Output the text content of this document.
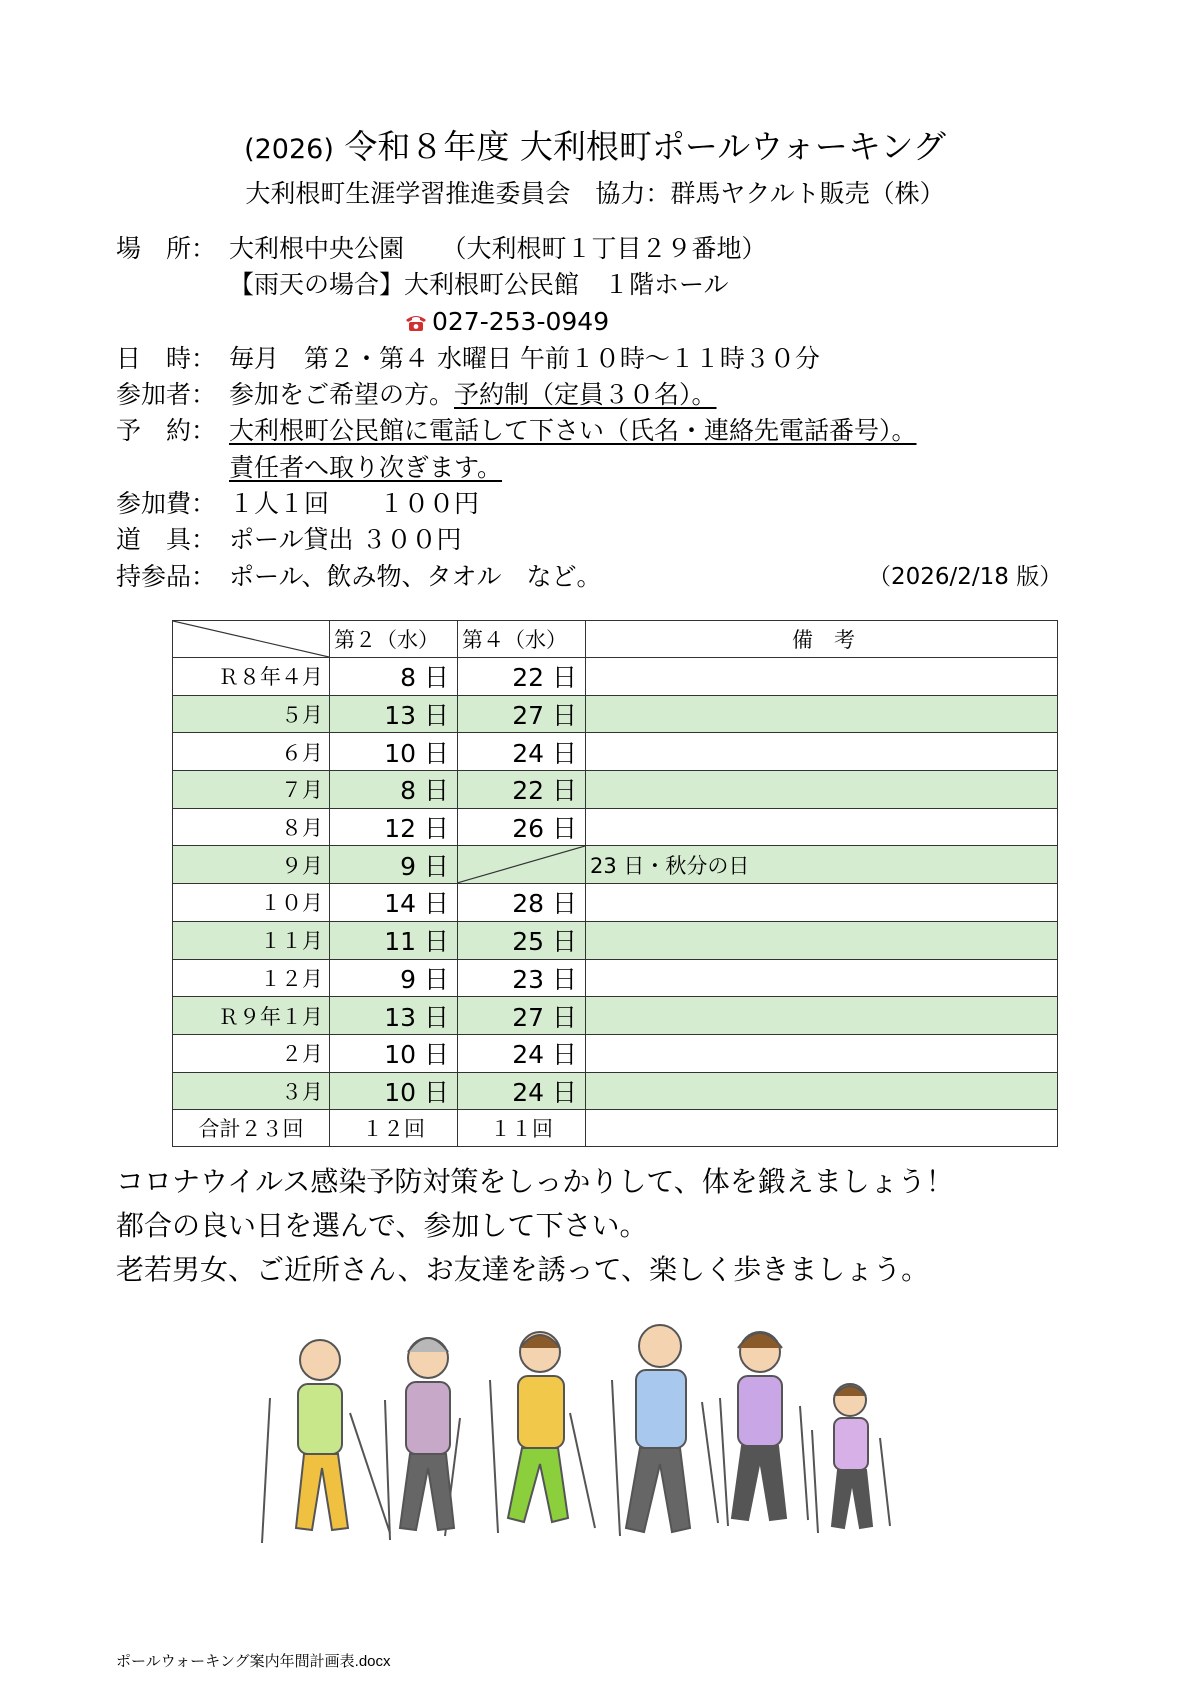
(2026) 令和８年度 大利根町ポールウォーキング
大利根町生涯学習推進委員会　協力：群馬ヤクルト販売（株）
場　所： 大利根中央公園　　（大利根町１丁目２９番地）
【雨天の場合】大利根町公民館　１階ホール
027-253-0949
日　時： 毎月　第２・第４ 水曜日 午前１０時～１１時３０分
参加者： 参加をご希望の方。予約制（定員３０名）。
予　約： 大利根町公民館に電話して下さい（氏名・連絡先電話番号）。
　　　　責任者へ取り次ぎます。
参加費： １人１回　　１００円
道　具： ポール貸出 ３００円
持参品： ポール、飲み物、タオル　など。	（2026/2/18 版）
	第２（水）	第４（水）	備　考
Ｒ８年４月	8 日	22 日	
５月	13 日	27 日	
６月	10 日	24 日	
７月	8 日	22 日	
８月	12 日	26 日	
９月	9 日		23 日・秋分の日
１０月	14 日	28 日	
１１月	11 日	25 日	
１２月	9 日	23 日	
Ｒ９年１月	13 日	27 日	
２月	10 日	24 日	
３月	10 日	24 日	
合計２３回	１２回	１１回	
コロナウイルス感染予防対策をしっかりして、体を鍛えましょう！
都合の良い日を選んで、参加して下さい。
老若男女、ご近所さん、お友達を誘って、楽しく歩きましょう。
ポールウォーキング案内年間計画表.docx
